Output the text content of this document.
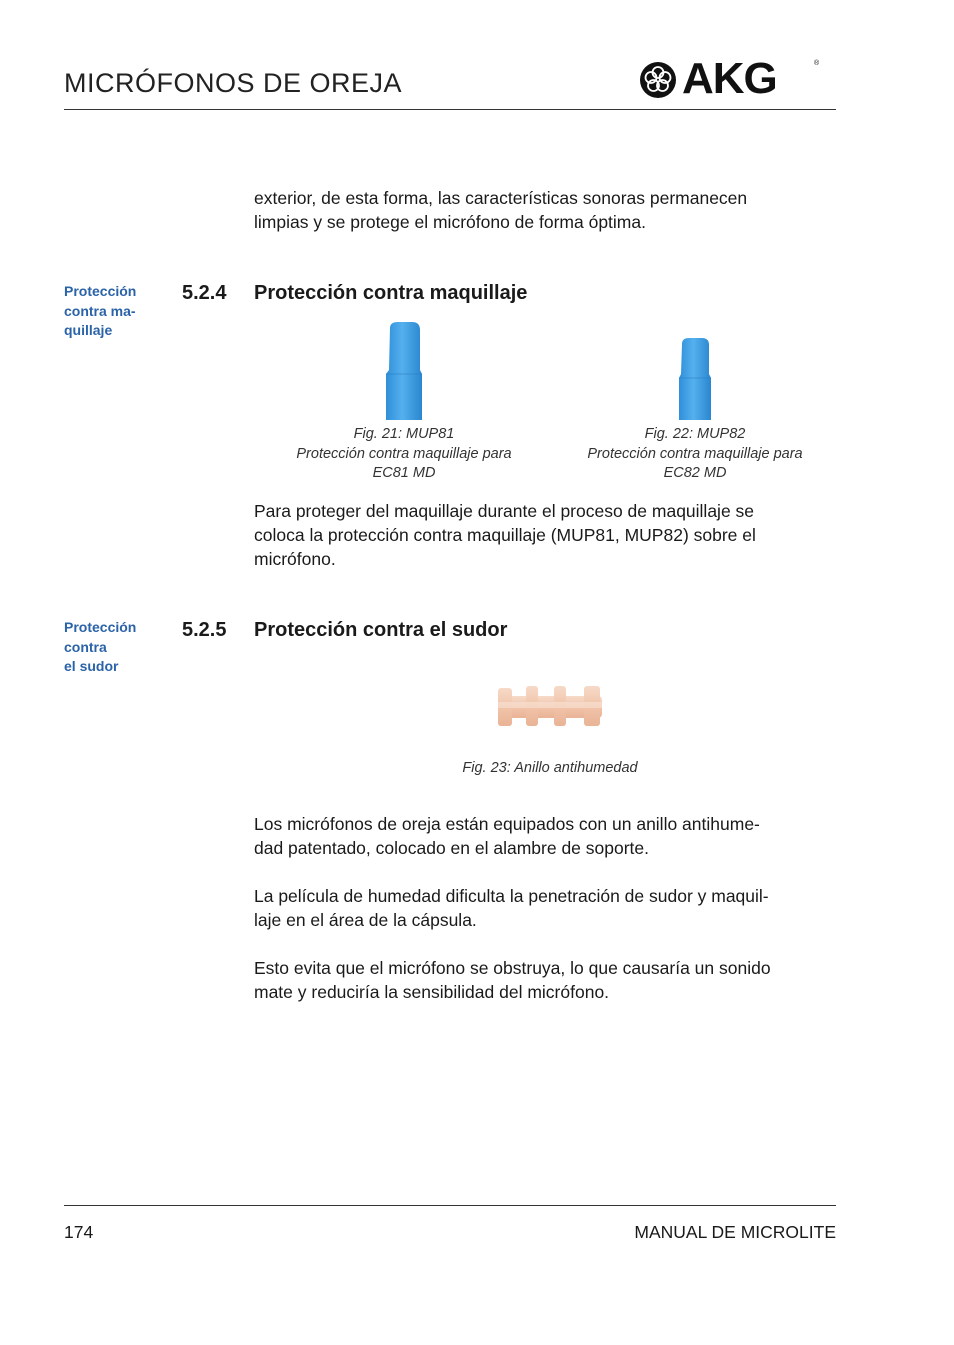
MICRÓFONOS DE OREJA	AKG	®
exterior, de esta forma, las características sonoras permanecen
limpias y se protege el micrófono de forma óptima.
Protección
contra ma-
quillaje
5.2.4 Protección contra maquillaje
Fig. 21: MUP81
Protección contra maquillaje para
EC81 MD
Fig. 22: MUP82
Protección contra maquillaje para
EC82 MD
Para proteger del maquillaje durante el proceso de maquillaje se
coloca la protección contra maquillaje (MUP81, MUP82) sobre el
micrófono.
Protección
contra
el sudor
5.2.5 Protección contra el sudor
Fig. 23: Anillo antihumedad
Los micrófonos de oreja están equipados con un anillo antihume-
dad patentado, colocado en el alambre de soporte.
La película de humedad dificulta la penetración de sudor y maquil-
laje en el área de la cápsula.
Esto evita que el micrófono se obstruya, lo que causaría un sonido
mate y reduciría la sensibilidad del micrófono.
174	MANUAL DE MICROLITE
